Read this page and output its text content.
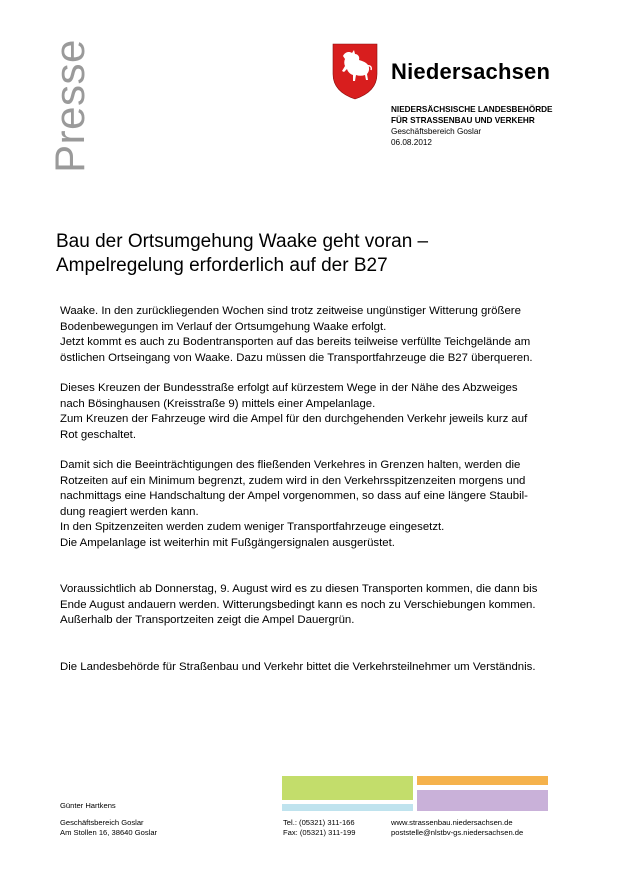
Presse	Niedersachsen
NIEDERSÄCHSISCHE LANDESBEHÖRDE
FÜR STRASSENBAU UND VERKEHR
Geschäftsbereich Goslar
06.08.2012
Bau der Ortsumgehung Waake geht voran –
Ampelregelung erforderlich auf der B27

Waake. In den zurückliegenden Wochen sind trotz zeitweise ungünstiger Witterung größere
Bodenbewegungen im Verlauf der Ortsumgehung Waake erfolgt.
Jetzt kommt es auch zu Bodentransporten auf das bereits teilweise verfüllte Teichgelände am
östlichen Ortseingang von Waake. Dazu müssen die Transportfahrzeuge die B27 überqueren.

Dieses Kreuzen der Bundesstraße erfolgt auf kürzestem Wege in der Nähe des Abzweiges
nach Bösinghausen (Kreisstraße 9) mittels einer Ampelanlage.
Zum Kreuzen der Fahrzeuge wird die Ampel für den durchgehenden Verkehr jeweils kurz auf
Rot geschaltet.

Damit sich die Beeinträchtigungen des fließenden Verkehres in Grenzen halten, werden die
Rotzeiten auf ein Minimum begrenzt, zudem wird in den Verkehrsspitzenzeiten morgens und
nachmittags eine Handschaltung der Ampel vorgenommen, so dass auf eine längere Staubil-
dung reagiert werden kann.
In den Spitzenzeiten werden zudem weniger Transportfahrzeuge eingesetzt.
Die Ampelanlage ist weiterhin mit Fußgängersignalen ausgerüstet.

Voraussichtlich ab Donnerstag, 9. August wird es zu diesen Transporten kommen, die dann bis
Ende August andauern werden. Witterungsbedingt kann es noch zu Verschiebungen kommen.
Außerhalb der Transportzeiten zeigt die Ampel Dauergrün.

Die Landesbehörde für Straßenbau und Verkehr bittet die Verkehrsteilnehmer um Verständnis.

Günter Hartkens
Geschäftsbereich Goslar
Am Stollen 16, 38640 Goslar
Tel.: (05321) 311-166
Fax: (05321) 311-199
www.strassenbau.niedersachsen.de
poststelle@nlstbv-gs.niedersachsen.de
